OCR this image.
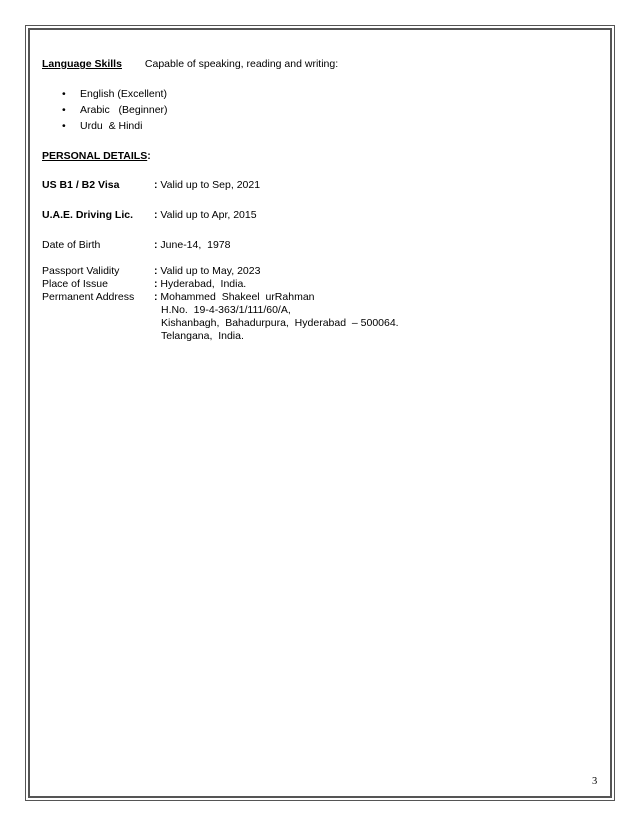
Language Skills Capable of speaking, reading and writing:
• English (Excellent)
• Arabic   (Beginner)
• Urdu  & Hindi
PERSONAL DETAILS:
US B1 / B2 Visa	: Valid up to Sep, 2021
U.A.E. Driving Lic.	: Valid up to Apr, 2015
Date of Birth	: June-14,  1978
Passport Validity	: Valid up to May, 2023
Place of Issue	: Hyderabad,  India.
Permanent Address	: Mohammed  Shakeel  urRahman
H.No.  19-4-363/1/111/60/A,
Kishanbagh,  Bahadurpura,  Hyderabad  – 500064.
Telangana,  India.
3
